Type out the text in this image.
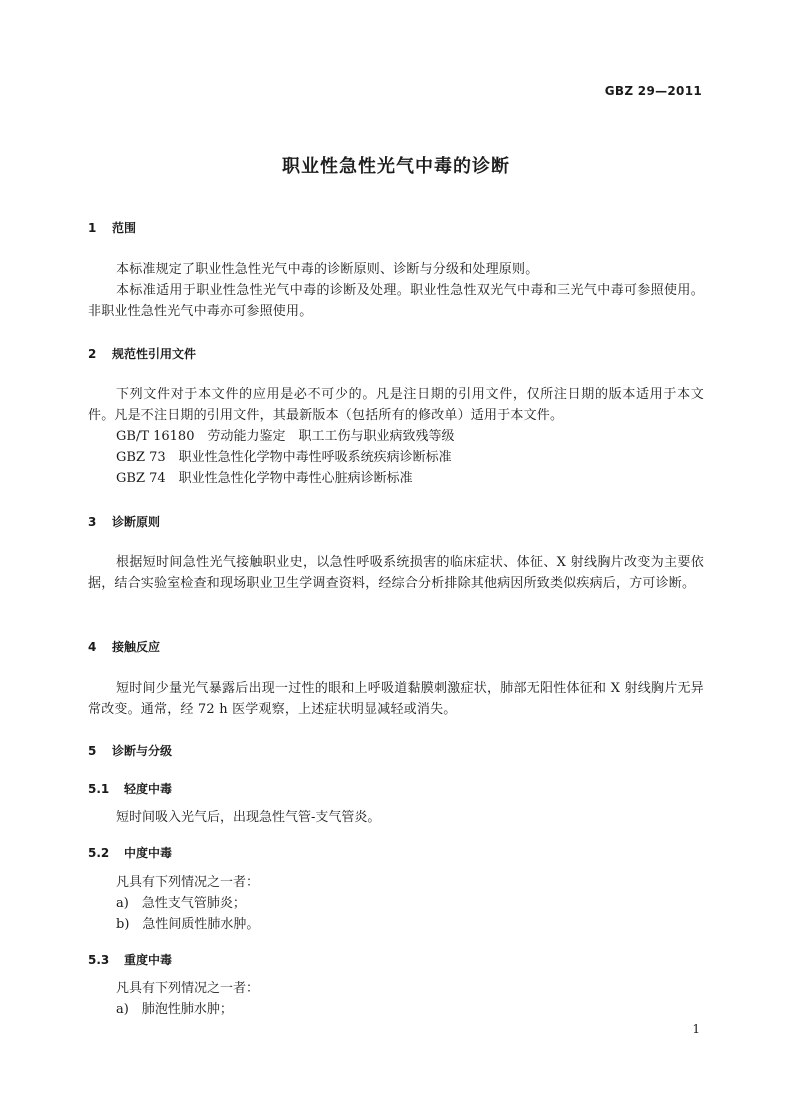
GBZ 29—2011
职业性急性光气中毒的诊断
1 范围
本标准规定了职业性急性光气中毒的诊断原则、诊断与分级和处理原则。
本标准适用于职业性急性光气中毒的诊断及处理。职业性急性双光气中毒和三光气中毒可参照使用。非职业性急性光气中毒亦可参照使用。
2 规范性引用文件
下列文件对于本文件的应用是必不可少的。凡是注日期的引用文件，仅所注日期的版本适用于本文件。凡是不注日期的引用文件，其最新版本（包括所有的修改单）适用于本文件。
GB/T 16180　劳动能力鉴定　职工工伤与职业病致残等级
GBZ 73　职业性急性化学物中毒性呼吸系统疾病诊断标准
GBZ 74　职业性急性化学物中毒性心脏病诊断标准
3 诊断原则
根据短时间急性光气接触职业史，以急性呼吸系统损害的临床症状、体征、X 射线胸片改变为主要依据，结合实验室检查和现场职业卫生学调查资料，经综合分析排除其他病因所致类似疾病后，方可诊断。
4 接触反应
短时间少量光气暴露后出现一过性的眼和上呼吸道黏膜刺激症状，肺部无阳性体征和 X 射线胸片无异常改变。通常，经 72 h 医学观察，上述症状明显减轻或消失。
5 诊断与分级
5.1 轻度中毒
短时间吸入光气后，出现急性气管-支气管炎。
5.2 中度中毒
凡具有下列情况之一者：
a)　急性支气管肺炎；
b)　急性间质性肺水肿。
5.3 重度中毒
凡具有下列情况之一者：
a)　肺泡性肺水肿；
1
